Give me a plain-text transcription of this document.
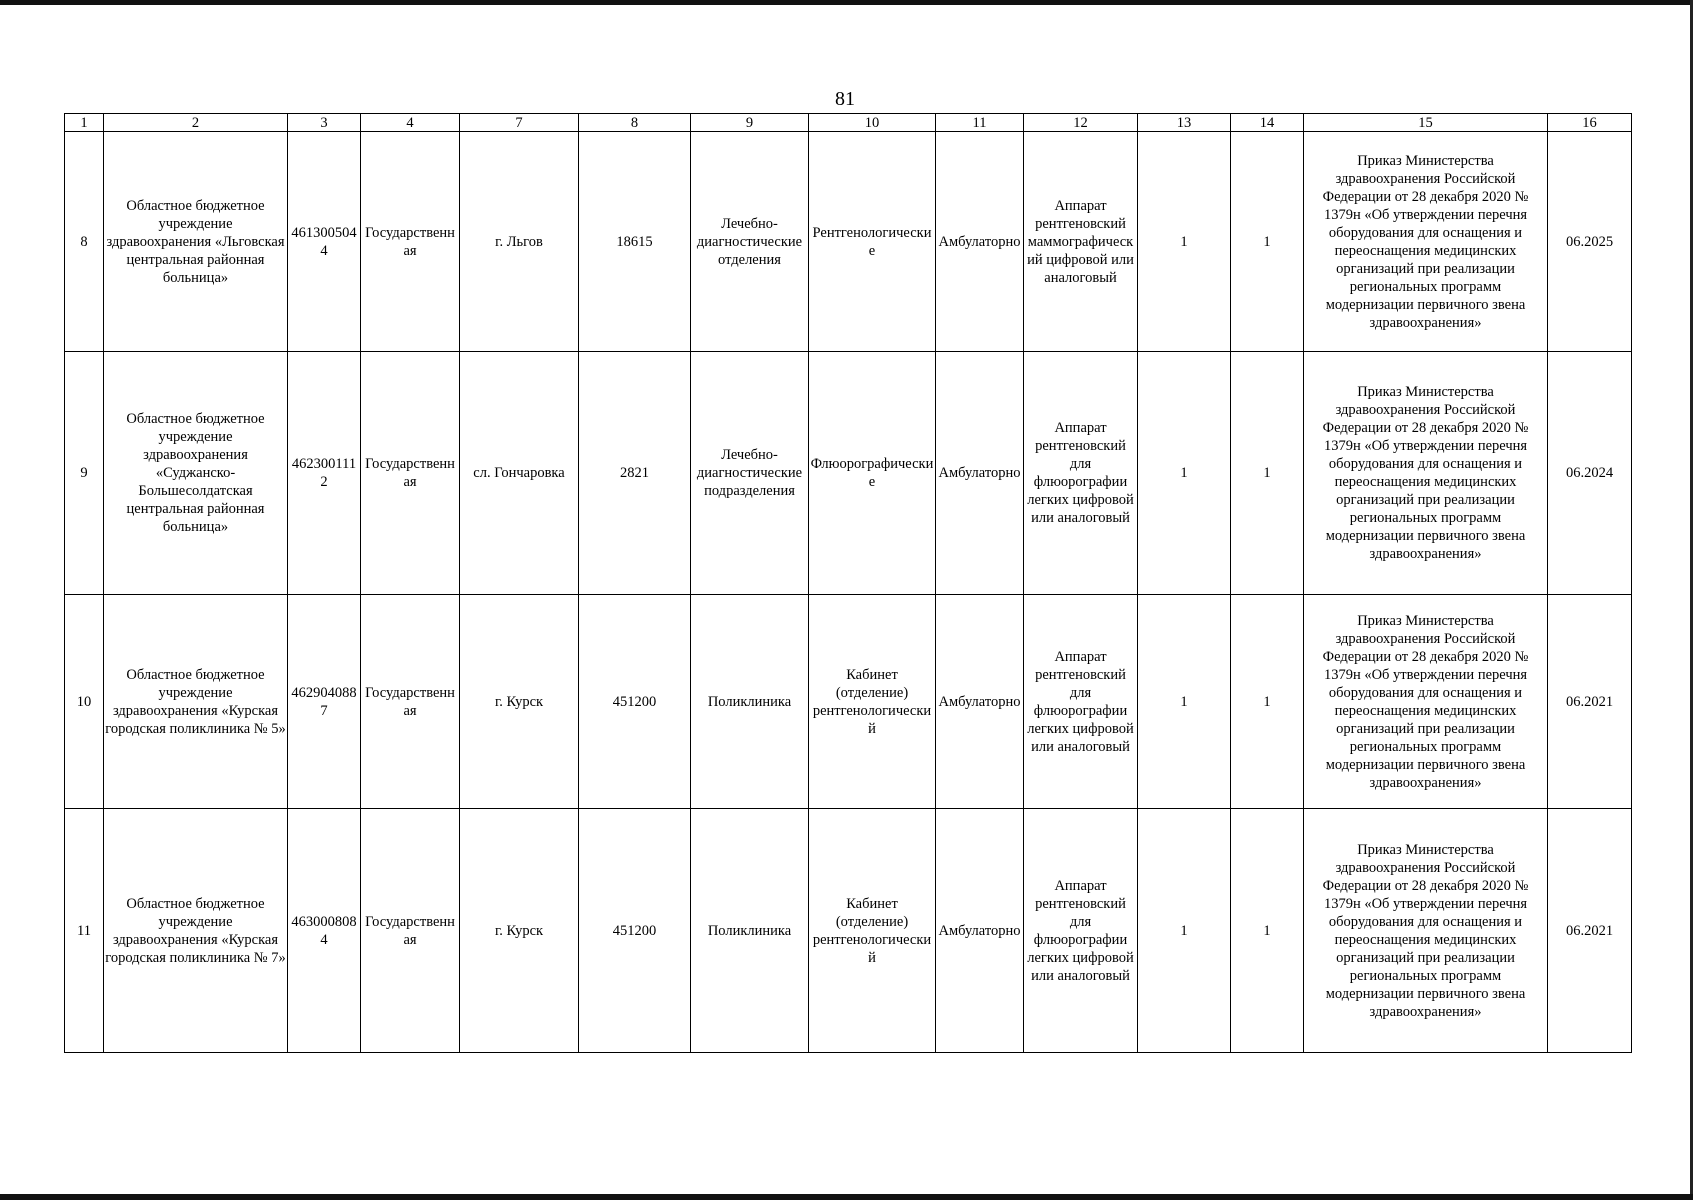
81
1	2	3	4	7	8	9	10	11	12	13	14	15	16
8	Областное бюджетное учреждение здравоохранения «Льговская центральная районная больница»	4613005044	Государственная	г. Льгов	18615	Лечебно-диагностические отделения	Рентгенологические	Амбулаторно	Аппарат рентгеновский маммографический цифровой или аналоговый	1	1	Приказ Министерства здравоохранения Российской Федерации от 28 декабря 2020 № 1379н «Об утверждении перечня оборудования для оснащения и переоснащения медицинских организаций при реализации региональных программ модернизации первичного звена здравоохранения»	06.2025
9	Областное бюджетное учреждение здравоохранения «Суджанско-Большесолдатская центральная районная больница»	4623001112	Государственная	сл. Гончаровка	2821	Лечебно-диагностические подразделения	Флюорографические	Амбулаторно	Аппарат рентгеновский для флюорографии легких цифровой или аналоговый	1	1	Приказ Министерства здравоохранения Российской Федерации от 28 декабря 2020 № 1379н «Об утверждении перечня оборудования для оснащения и переоснащения медицинских организаций при реализации региональных программ модернизации первичного звена здравоохранения»	06.2024
10	Областное бюджетное учреждение здравоохранения «Курская городская поликлиника № 5»	4629040887	Государственная	г. Курск	451200	Поликлиника	Кабинет (отделение) рентгенологический	Амбулаторно	Аппарат рентгеновский для флюорографии легких цифровой или аналоговый	1	1	Приказ Министерства здравоохранения Российской Федерации от 28 декабря 2020 № 1379н «Об утверждении перечня оборудования для оснащения и переоснащения медицинских организаций при реализации региональных программ модернизации первичного звена здравоохранения»	06.2021
11	Областное бюджетное учреждение здравоохранения «Курская городская поликлиника № 7»	4630008084	Государственная	г. Курск	451200	Поликлиника	Кабинет (отделение) рентгенологический	Амбулаторно	Аппарат рентгеновский для флюорографии легких цифровой или аналоговый	1	1	Приказ Министерства здравоохранения Российской Федерации от 28 декабря 2020 № 1379н «Об утверждении перечня оборудования для оснащения и переоснащения медицинских организаций при реализации региональных программ модернизации первичного звена здравоохранения»	06.2021
